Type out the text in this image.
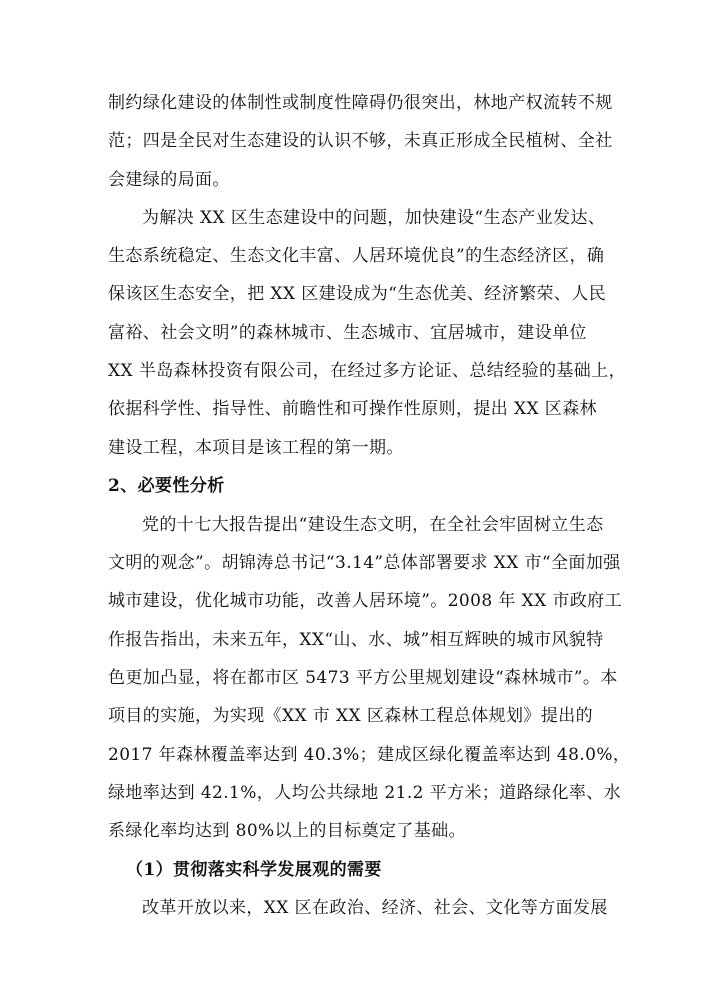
制约绿化建设的体制性或制度性障碍仍很突出，林地产权流转不规
范；四是全民对生态建设的认识不够，未真正形成全民植树、全社
会建绿的局面。
为解决 XX 区生态建设中的问题，加快建设“生态产业发达、
生态系统稳定、生态文化丰富、人居环境优良”的生态经济区，确
保该区生态安全，把 XX 区建设成为“生态优美、经济繁荣、人民
富裕、社会文明”的森林城市、生态城市、宜居城市，建设单位
XX 半岛森林投资有限公司，在经过多方论证、总结经验的基础上，
依据科学性、指导性、前瞻性和可操作性原则，提出 XX 区森林
建设工程，本项目是该工程的第一期。
2、必要性分析
党的十七大报告提出“建设生态文明，在全社会牢固树立生态
文明的观念”。胡锦涛总书记“3.14”总体部署要求 XX 市“全面加强
城市建设，优化城市功能，改善人居环境”。2008 年 XX 市政府工
作报告指出，未来五年，XX“山、水、城”相互辉映的城市风貌特
色更加凸显，将在都市区 5473 平方公里规划建设“森林城市”。本
项目的实施，为实现《XX 市 XX 区森林工程总体规划》提出的
2017 年森林覆盖率达到 40.3%；建成区绿化覆盖率达到 48.0%，
绿地率达到 42.1%，人均公共绿地 21.2 平方米；道路绿化率、水
系绿化率均达到 80%以上的目标奠定了基础。
（1）贯彻落实科学发展观的需要
改革开放以来，XX 区在政治、经济、社会、文化等方面发展
